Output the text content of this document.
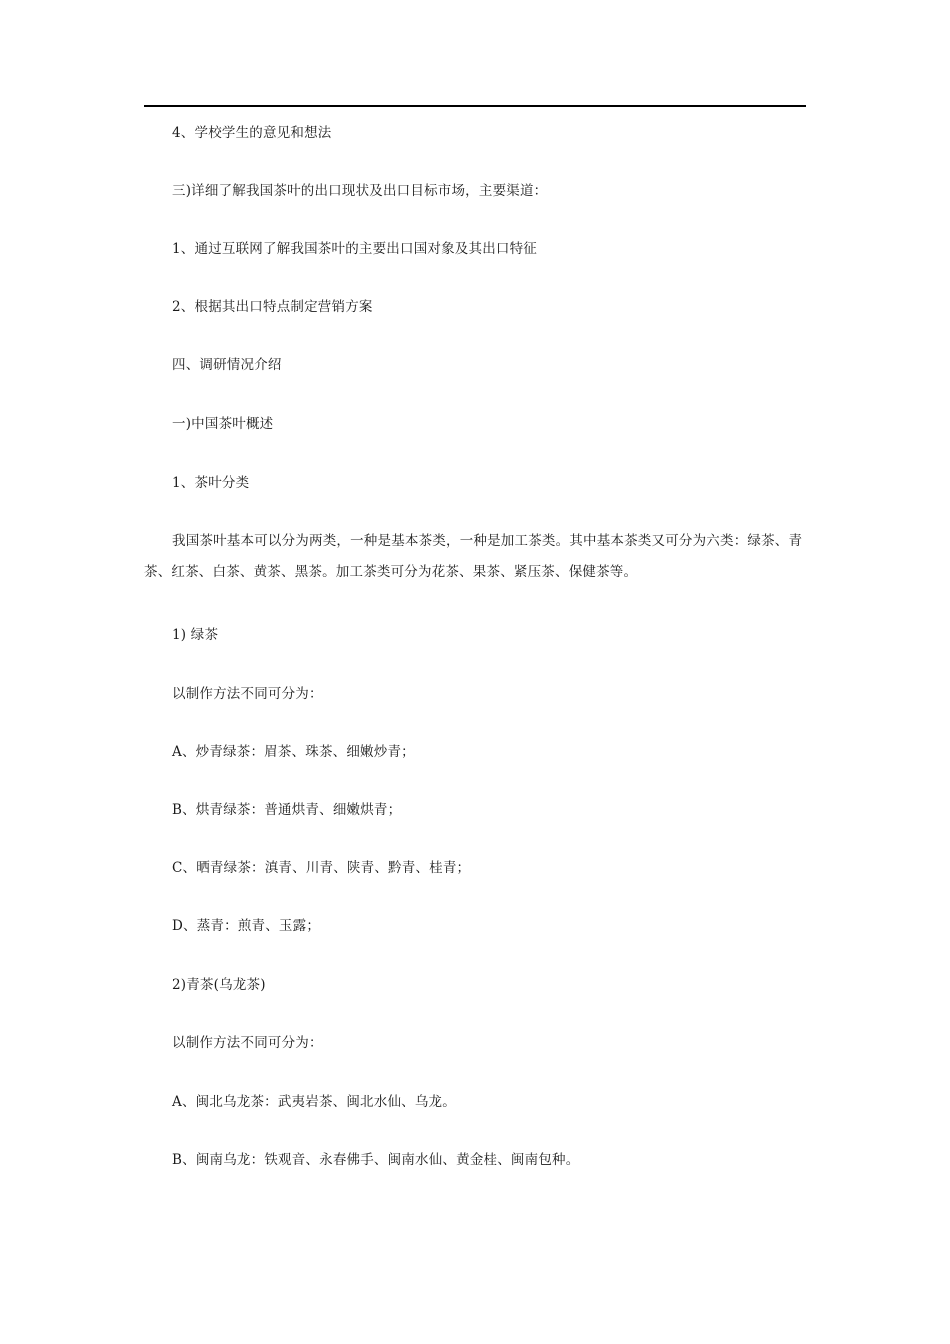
4、学校学生的意见和想法
三)详细了解我国茶叶的出口现状及出口目标市场，主要渠道：
1、通过互联网了解我国茶叶的主要出口国对象及其出口特征
2、根据其出口特点制定营销方案
四、调研情况介绍
一)中国茶叶概述
1、茶叶分类
我国茶叶基本可以分为两类，一种是基本茶类，一种是加工茶类。其中基本茶类又可分为六类：绿茶、青茶、红茶、白茶、黄茶、黑茶。加工茶类可分为花茶、果茶、紧压茶、保健茶等。
1) 绿茶
以制作方法不同可分为：
A、炒青绿茶：眉茶、珠茶、细嫩炒青；
B、烘青绿茶：普通烘青、细嫩烘青；
C、晒青绿茶：滇青、川青、陕青、黔青、桂青；
D、蒸青：煎青、玉露；
2)青茶(乌龙茶)
以制作方法不同可分为：
A、闽北乌龙茶：武夷岩茶、闽北水仙、乌龙。
B、闽南乌龙：铁观音、永春佛手、闽南水仙、黄金桂、闽南包种。
